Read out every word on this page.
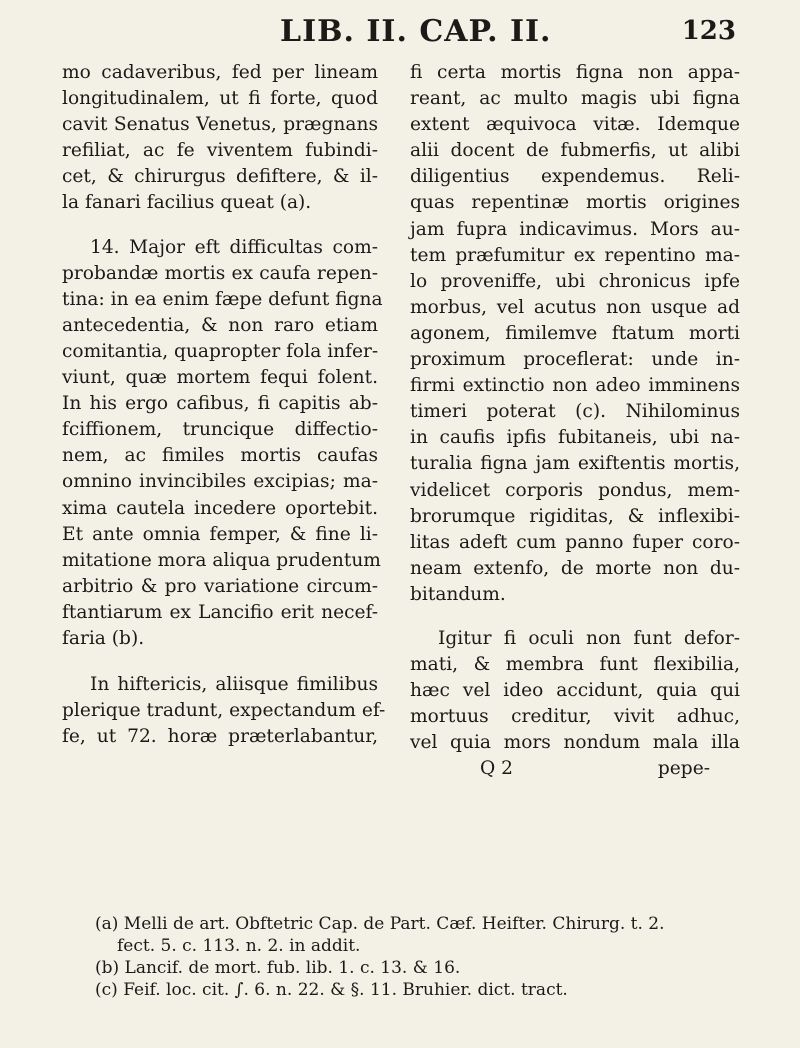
LIB. II. CAP. II.	123
mo cadaveribus, fed per lineam
longitudinalem, ut fi forte, quod
cavit Senatus Venetus, prægnans
refiliat, ac fe viventem fubindi-
cet, & chirurgus defiftere, & il-
la fanari facilius queat (a).
14. Major eft difficultas com-
probandæ mortis ex caufa repen-
tina: in ea enim fæpe defunt figna
antecedentia, & non raro etiam
comitantia, quapropter fola infer-
viunt, quæ mortem fequi folent.
In his ergo cafibus, fi capitis ab-
fciffionem, truncique diffectio-
nem, ac fimiles mortis caufas
omnino invincibiles excipias; ma-
xima cautela incedere oportebit.
Et ante omnia femper, & fine li-
mitatione mora aliqua prudentum
arbitrio & pro variatione circum-
ftantiarum ex Lancifio erit necef-
faria (b).
In hiftericis, aliisque fimilibus
plerique tradunt, expectandum ef-
fe, ut 72. horæ præterlabantur,
fi certa mortis figna non appa-
reant, ac multo magis ubi figna
extent æquivoca vitæ. Idemque
alii docent de fubmerfis, ut alibi
diligentius expendemus. Reli-
quas repentinæ mortis origines
jam fupra indicavimus. Mors au-
tem præfumitur ex repentino ma-
lo proveniffe, ubi chronicus ipfe
morbus, vel acutus non usque ad
agonem, fimilemve ftatum morti
proximum proceflerat: unde in-
firmi extinctio non adeo imminens
timeri poterat (c). Nihilominus
in caufis ipfis fubitaneis, ubi na-
turalia figna jam exiftentis mortis,
videlicet corporis pondus, mem-
brorumque rigiditas, & inflexibi-
litas adeft cum panno fuper coro-
neam extenfo, de morte non du-
bitandum.
Igitur fi oculi non funt defor-
mati, & membra funt flexibilia,
hæc vel ideo accidunt, quia qui
mortuus creditur, vivit adhuc,
vel quia mors nondum mala illa
Q 2	pepe-
(a) Melli de art. Obftetric Cap. de Part. Cæf. Heifter. Chirurg. t. 2.
fect. 5. c. 113. n. 2. in addit.
(b) Lancif. de mort. fub. lib. 1. c. 13. & 16.
(c) Feif. loc. cit. ∫. 6. n. 22. & §. 11. Bruhier. dict. tract.
